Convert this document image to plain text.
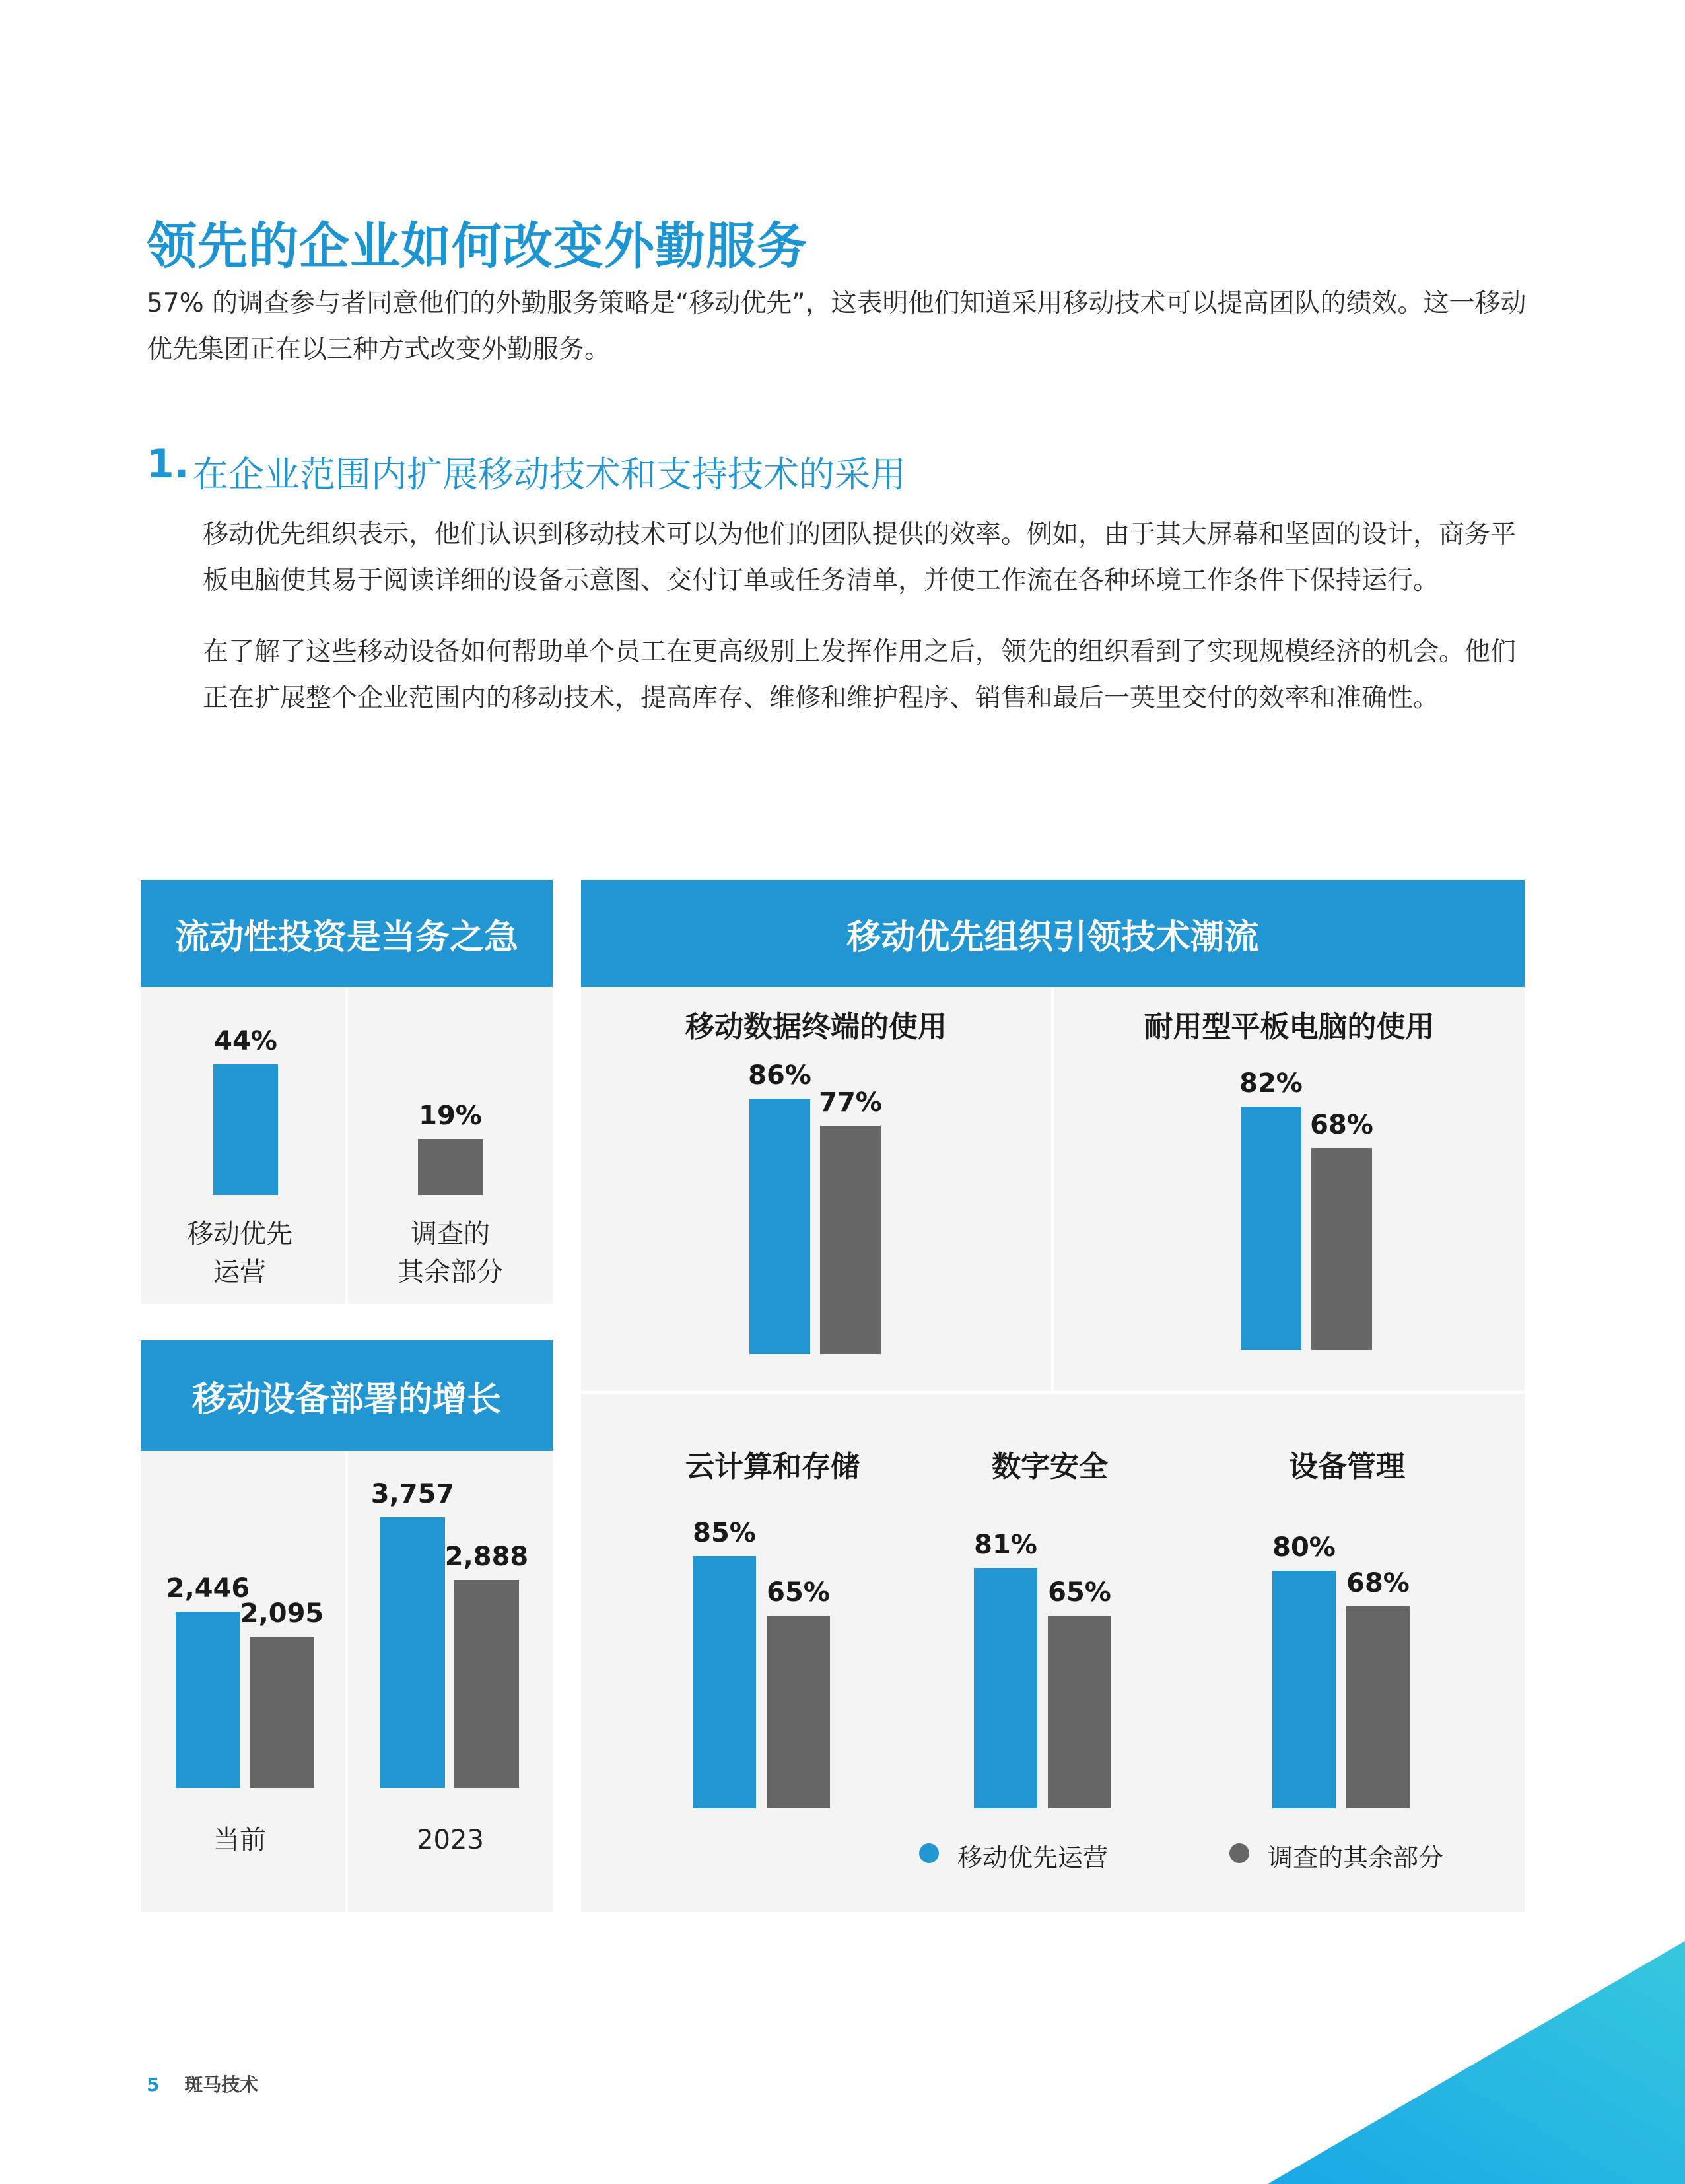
领先的企业如何改变外勤服务
57% 的调查参与者同意他们的外勤服务策略是“移动优先”，这表明他们知道采用移动技术可以提高团队的绩效。这一移动优先集团正在以三种方式改变外勤服务。
1. 在企业范围内扩展移动技术和支持技术的采用
移动优先组织表示，他们认识到移动技术可以为他们的团队提供的效率。例如，由于其大屏幕和坚固的设计，商务平板电脑使其易于阅读详细的设备示意图、交付订单或任务清单，并使工作流在各种环境工作条件下保持运行。
在了解了这些移动设备如何帮助单个员工在更高级别上发挥作用之后，领先的组织看到了实现规模经济的机会。他们正在扩展整个企业范围内的移动技术，提高库存、维修和维护程序、销售和最后一英里交付的效率和准确性。
流动性投资是当务之急
44%
移动优先
运营
19%
调查的
其余部分
移动设备部署的增长
2,446
2,095
当前
3,757
2,888
2023
移动优先组织引领技术潮流
移动数据终端的使用
86%
77%
耐用型平板电脑的使用
82%
68%
云计算和存储	数字安全	设备管理
85%
65%
81%
65%
80%
68%
移动优先运营	调查的其余部分
5 斑马技术
